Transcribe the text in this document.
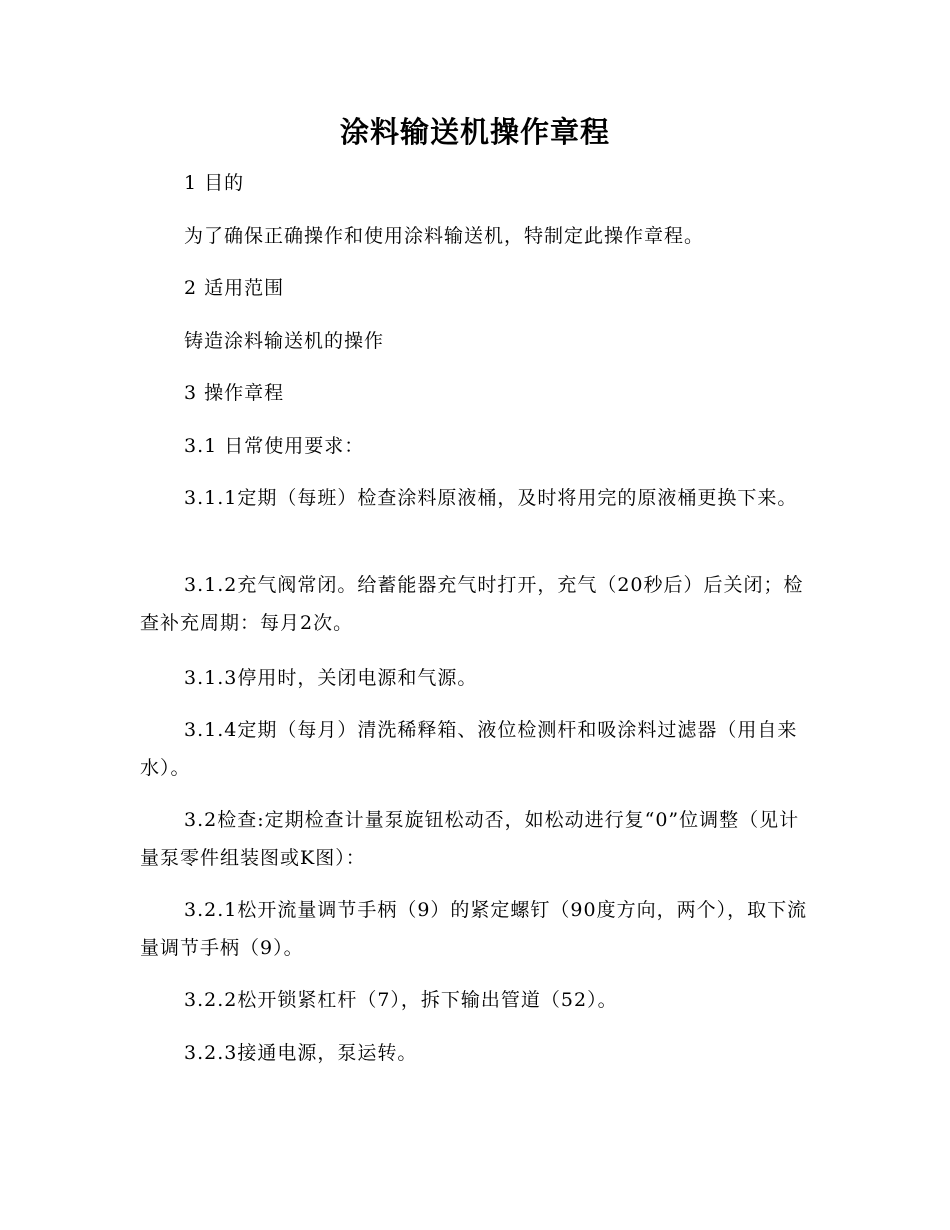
涂料输送机操作章程
1 目的
为了确保正确操作和使用涂料输送机，特制定此操作章程。
2 适用范围
铸造涂料输送机的操作
3 操作章程
3.1 日常使用要求：
3.1.1定期（每班）检查涂料原液桶，及时将用完的原液桶更换下来。
3.1.2充气阀常闭。给蓄能器充气时打开，充气（20秒后）后关闭；检查补充周期：每月2次。
3.1.3停用时，关闭电源和气源。
3.1.4定期（每月）清洗稀释箱、液位检测杆和吸涂料过滤器（用自来水）。
3.2检查:定期检查计量泵旋钮松动否，如松动进行复“0”位调整（见计量泵零件组装图或K图）：
3.2.1松开流量调节手柄（9）的紧定螺钉（90度方向，两个），取下流量调节手柄（9）。
3.2.2松开锁紧杠杆（7），拆下输出管道（52）。
3.2.3接通电源，泵运转。
